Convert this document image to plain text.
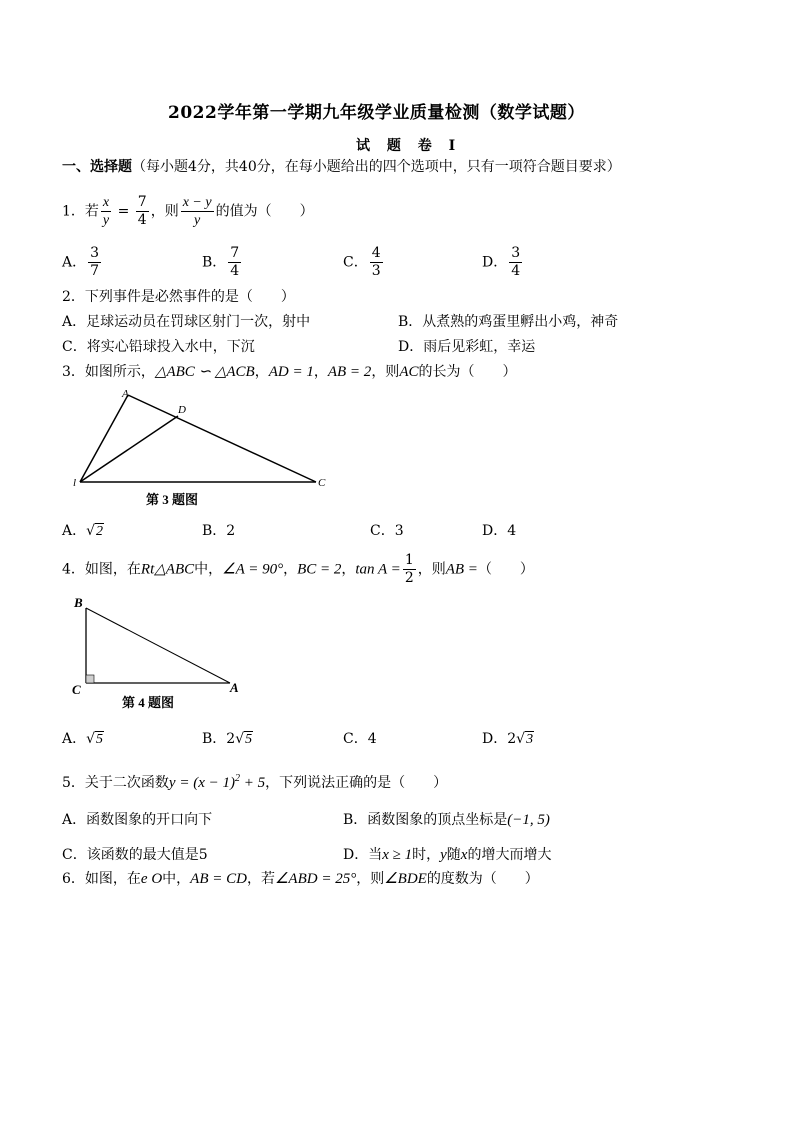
2022学年第一学期九年级学业质量检测（数学试题）
试 题 卷 Ⅰ
一、选择题（每小题4分，共40分，在每小题给出的四个选项中，只有一项符合题目要求）
1．若 $\frac{x}{y} = \frac{7}{4}$ ，则 $\frac{x - y}{y}$ 的值为（　　）
A． $\frac{3}{7}$	B． $\frac{7}{4}$	C． $\frac{4}{3}$	D． $\frac{3}{4}$
2．下列事件是必然事件的是（　　）
A．足球运动员在罚球区射门一次，射中	B．从煮熟的鸡蛋里孵出小鸡，神奇
C．将实心铅球投入水中，下沉	D．雨后见彩虹，幸运
3．如图所示，△ABC ∽ △ACB，AD = 1，AB = 2，则AC的长为（　　）
A
D
l	C
第 3 题图
A．√2	B．2	C．3	D．4
4．如图，在Rt△ABC中，∠A = 90°，BC = 2，$\tan A = \frac{1}{2}$ ，则AB =（　　）
B
C	A
第 4 题图
A．√5	B．2√5	C．4	D．2√3
5．关于二次函数$y = (x - 1)^2 + 5$，下列说法正确的是（　　）
A．函数图象的开口向下	B．函数图象的顶点坐标是(−1, 5)
C．该函数的最大值是5	D．当x ≥ 1时，y随x的增大而增大
6．如图，在e O中，AB = CD，若∠ABD = 25°，则∠BDE的度数为（　　）
